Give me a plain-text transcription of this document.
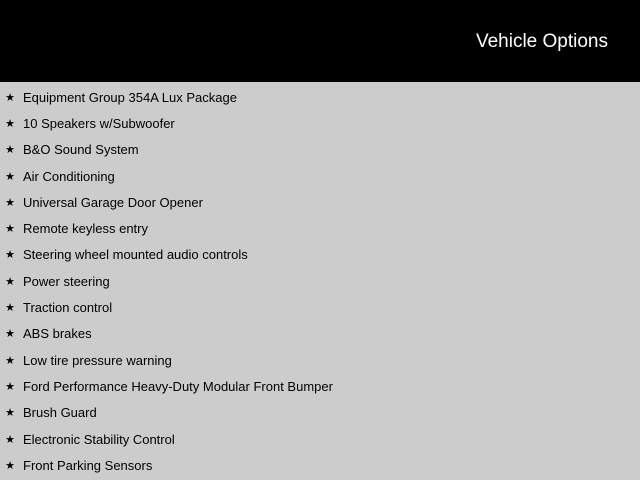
Vehicle Options
★ Equipment Group 354A Lux Package
★ 10 Speakers w/Subwoofer
★ B&O Sound System
★ Air Conditioning
★ Universal Garage Door Opener
★ Remote keyless entry
★ Steering wheel mounted audio controls
★ Power steering
★ Traction control
★ ABS brakes
★ Low tire pressure warning
★ Ford Performance Heavy-Duty Modular Front Bumper
★ Brush Guard
★ Electronic Stability Control
★ Front Parking Sensors
